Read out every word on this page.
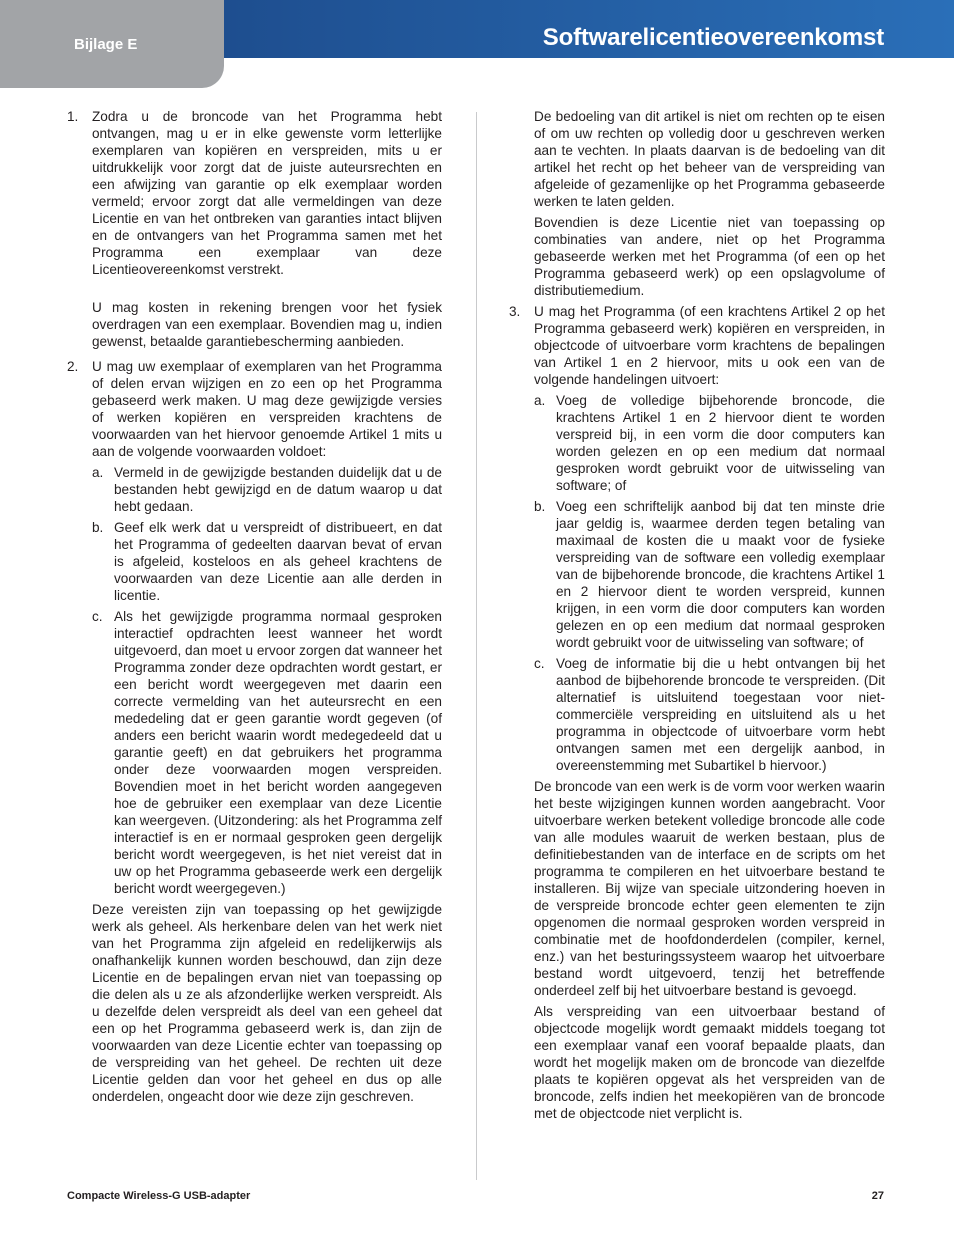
Bijlage E	Softwarelicentieovereenkomst
1.	Zodra u de broncode van het Programma hebt ontvangen, mag u er in elke gewenste vorm letterlijke exemplaren van kopiëren en verspreiden, mits u er uitdrukkelijk voor zorgt dat de juiste auteursrechten en een afwijzing van garantie op elk exemplaar worden vermeld; ervoor zorgt dat alle vermeldingen van deze Licentie en van het ontbreken van garanties intact blijven en de ontvangers van het Programma samen met het Programma een exemplaar van deze Licentieovereenkomst verstrekt.

U mag kosten in rekening brengen voor het fysiek overdragen van een exemplaar. Bovendien mag u, indien gewenst, betaalde garantiebescherming aanbieden.

2.	U mag uw exemplaar of exemplaren van het Programma of delen ervan wijzigen en zo een op het Programma gebaseerd werk maken. U mag deze gewijzigde versies of werken kopiëren en verspreiden krachtens de voorwaarden van het hiervoor genoemde Artikel 1 mits u aan de volgende voorwaarden voldoet:

a. Vermeld in de gewijzigde bestanden duidelijk dat u de bestanden hebt gewijzigd en de datum waarop u dat hebt gedaan.
b. Geef elk werk dat u verspreidt of distribueert, en dat het Programma of gedeelten daarvan bevat of ervan is afgeleid, kosteloos en als geheel krachtens de voorwaarden van deze Licentie aan alle derden in licentie.
c. Als het gewijzigde programma normaal gesproken interactief opdrachten leest wanneer het wordt uitgevoerd, dan moet u ervoor zorgen dat wanneer het Programma zonder deze opdrachten wordt gestart, er een bericht wordt weergegeven met daarin een correcte vermelding van het auteursrecht en een mededeling dat er geen garantie wordt gegeven (of anders een bericht waarin wordt medegedeeld dat u garantie geeft) en dat gebruikers het programma onder deze voorwaarden mogen verspreiden. Bovendien moet in het bericht worden aangegeven hoe de gebruiker een exemplaar van deze Licentie kan weergeven. (Uitzondering: als het Programma zelf interactief is en er normaal gesproken geen dergelijk bericht wordt weergegeven, is het niet vereist dat in uw op het Programma gebaseerde werk een dergelijk bericht wordt weergegeven.)

Deze vereisten zijn van toepassing op het gewijzigde werk als geheel. Als herkenbare delen van het werk niet van het Programma zijn afgeleid en redelijkerwijs als onafhankelijk kunnen worden beschouwd, dan zijn deze Licentie en de bepalingen ervan niet van toepassing op die delen als u ze als afzonderlijke werken verspreidt. Als u dezelfde delen verspreidt als deel van een geheel dat een op het Programma gebaseerd werk is, dan zijn de voorwaarden van deze Licentie echter van toepassing op de verspreiding van het geheel. De rechten uit deze Licentie gelden dan voor het geheel en dus op alle onderdelen, ongeacht door wie deze zijn geschreven.

De bedoeling van dit artikel is niet om rechten op te eisen of om uw rechten op volledig door u geschreven werken aan te vechten. In plaats daarvan is de bedoeling van dit artikel het recht op het beheer van de verspreiding van afgeleide of gezamenlijke op het Programma gebaseerde werken te laten gelden.

Bovendien is deze Licentie niet van toepassing op combinaties van andere, niet op het Programma gebaseerde werken met het Programma (of een op het Programma gebaseerd werk) op een opslagvolume of distributiemedium.

3.	U mag het Programma (of een krachtens Artikel 2 op het Programma gebaseerd werk) kopiëren en verspreiden, in objectcode of uitvoerbare vorm krachtens de bepalingen van Artikel 1 en 2 hiervoor, mits u ook een van de volgende handelingen uitvoert:

a. Voeg de volledige bijbehorende broncode, die krachtens Artikel 1 en 2 hiervoor dient te worden verspreid bij, in een vorm die door computers kan worden gelezen en op een medium dat normaal gesproken wordt gebruikt voor de uitwisseling van software; of
b. Voeg een schriftelijk aanbod bij dat ten minste drie jaar geldig is, waarmee derden tegen betaling van maximaal de kosten die u maakt voor de fysieke verspreiding van de software een volledig exemplaar van de bijbehorende broncode, die krachtens Artikel 1 en 2 hiervoor dient te worden verspreid, kunnen krijgen, in een vorm die door computers kan worden gelezen en op een medium dat normaal gesproken wordt gebruikt voor de uitwisseling van software; of
c. Voeg de informatie bij die u hebt ontvangen bij het aanbod de bijbehorende broncode te verspreiden. (Dit alternatief is uitsluitend toegestaan voor niet-commerciële verspreiding en uitsluitend als u het programma in objectcode of uitvoerbare vorm hebt ontvangen samen met een dergelijk aanbod, in overeenstemming met Subartikel b hiervoor.)

De broncode van een werk is de vorm voor werken waarin het beste wijzigingen kunnen worden aangebracht. Voor uitvoerbare werken betekent volledige broncode alle code van alle modules waaruit de werken bestaan, plus de definitiebestanden van de interface en de scripts om het programma te compileren en het uitvoerbare bestand te installeren. Bij wijze van speciale uitzondering hoeven in de verspreide broncode echter geen elementen te zijn opgenomen die normaal gesproken worden verspreid in combinatie met de hoofdonderdelen (compiler, kernel, enz.) van het besturingssysteem waarop het uitvoerbare bestand wordt uitgevoerd, tenzij het betreffende onderdeel zelf bij het uitvoerbare bestand is gevoegd.

Als verspreiding van een uitvoerbaar bestand of objectcode mogelijk wordt gemaakt middels toegang tot een exemplaar vanaf een vooraf bepaalde plaats, dan wordt het mogelijk maken om de broncode van diezelfde plaats te kopiëren opgevat als het verspreiden van de broncode, zelfs indien het meekopiëren van de broncode met de objectcode niet verplicht is.

Compacte Wireless-G USB-adapter	27
